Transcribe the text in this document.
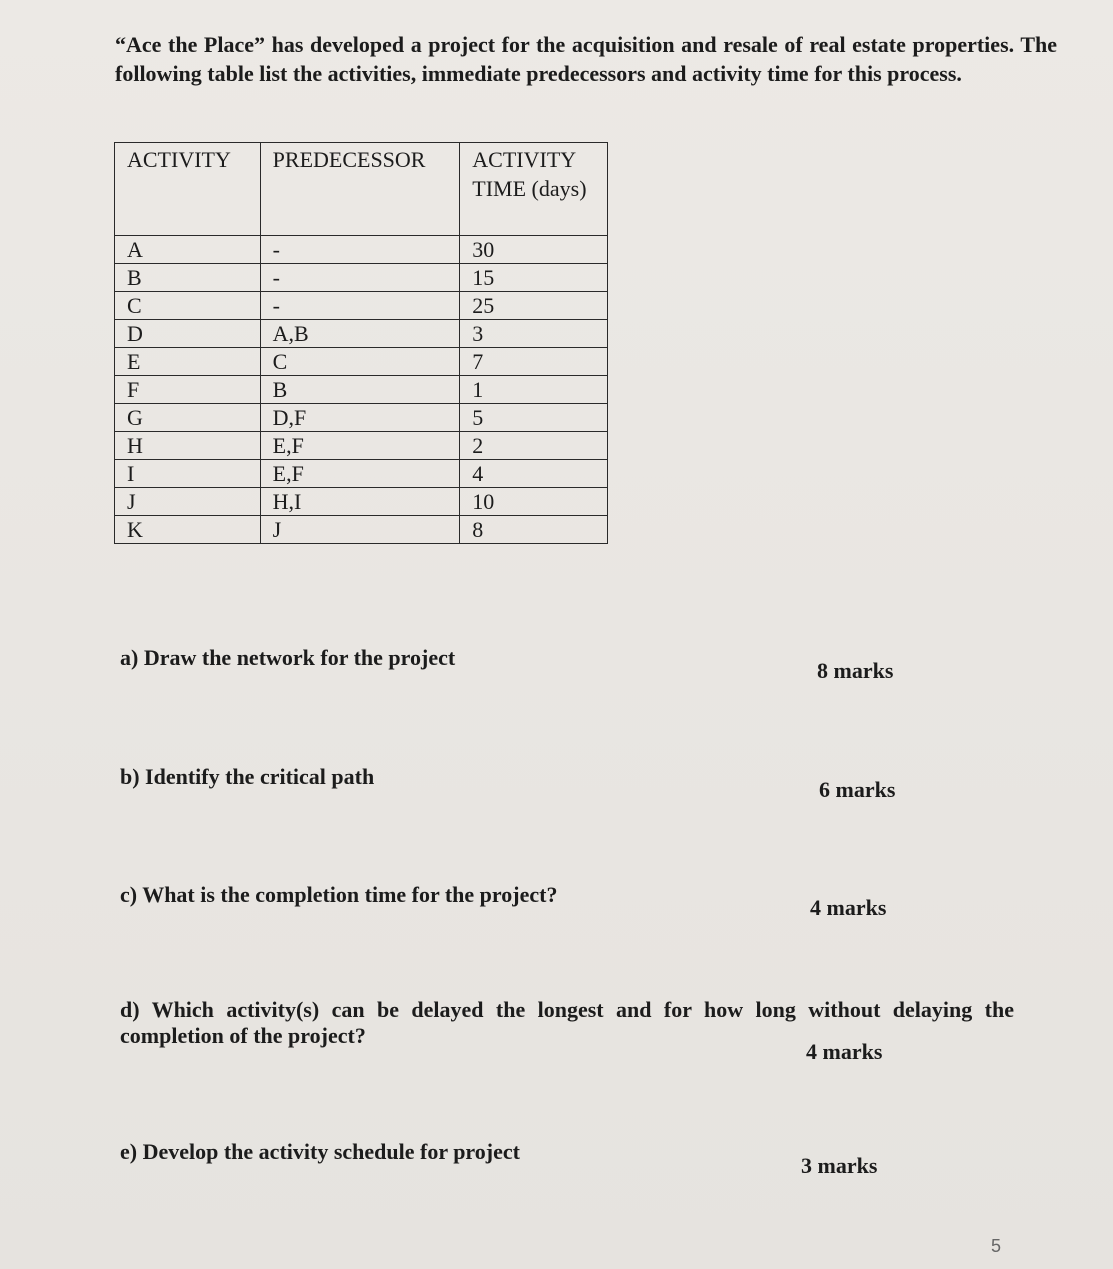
“Ace the Place” has developed a project for the acquisition and resale of real estate properties. The following table list the activities, immediate predecessors and activity time for this process.

ACTIVITY	PREDECESSOR	ACTIVITY TIME (days)
A	-	30
B	-	15
C	-	25
D	A,B	3
E	C	7
F	B	1
G	D,F	5
H	E,F	2
I	E,F	4
J	H,I	10
K	J	8

a) Draw the network for the project

8 marks

b) Identify the critical path

6 marks

c) What is the completion time for the project?

4 marks

d) Which activity(s) can be delayed the longest and for how long without delaying the completion of the project?

4 marks

e) Develop the activity schedule for project

3 marks

5
